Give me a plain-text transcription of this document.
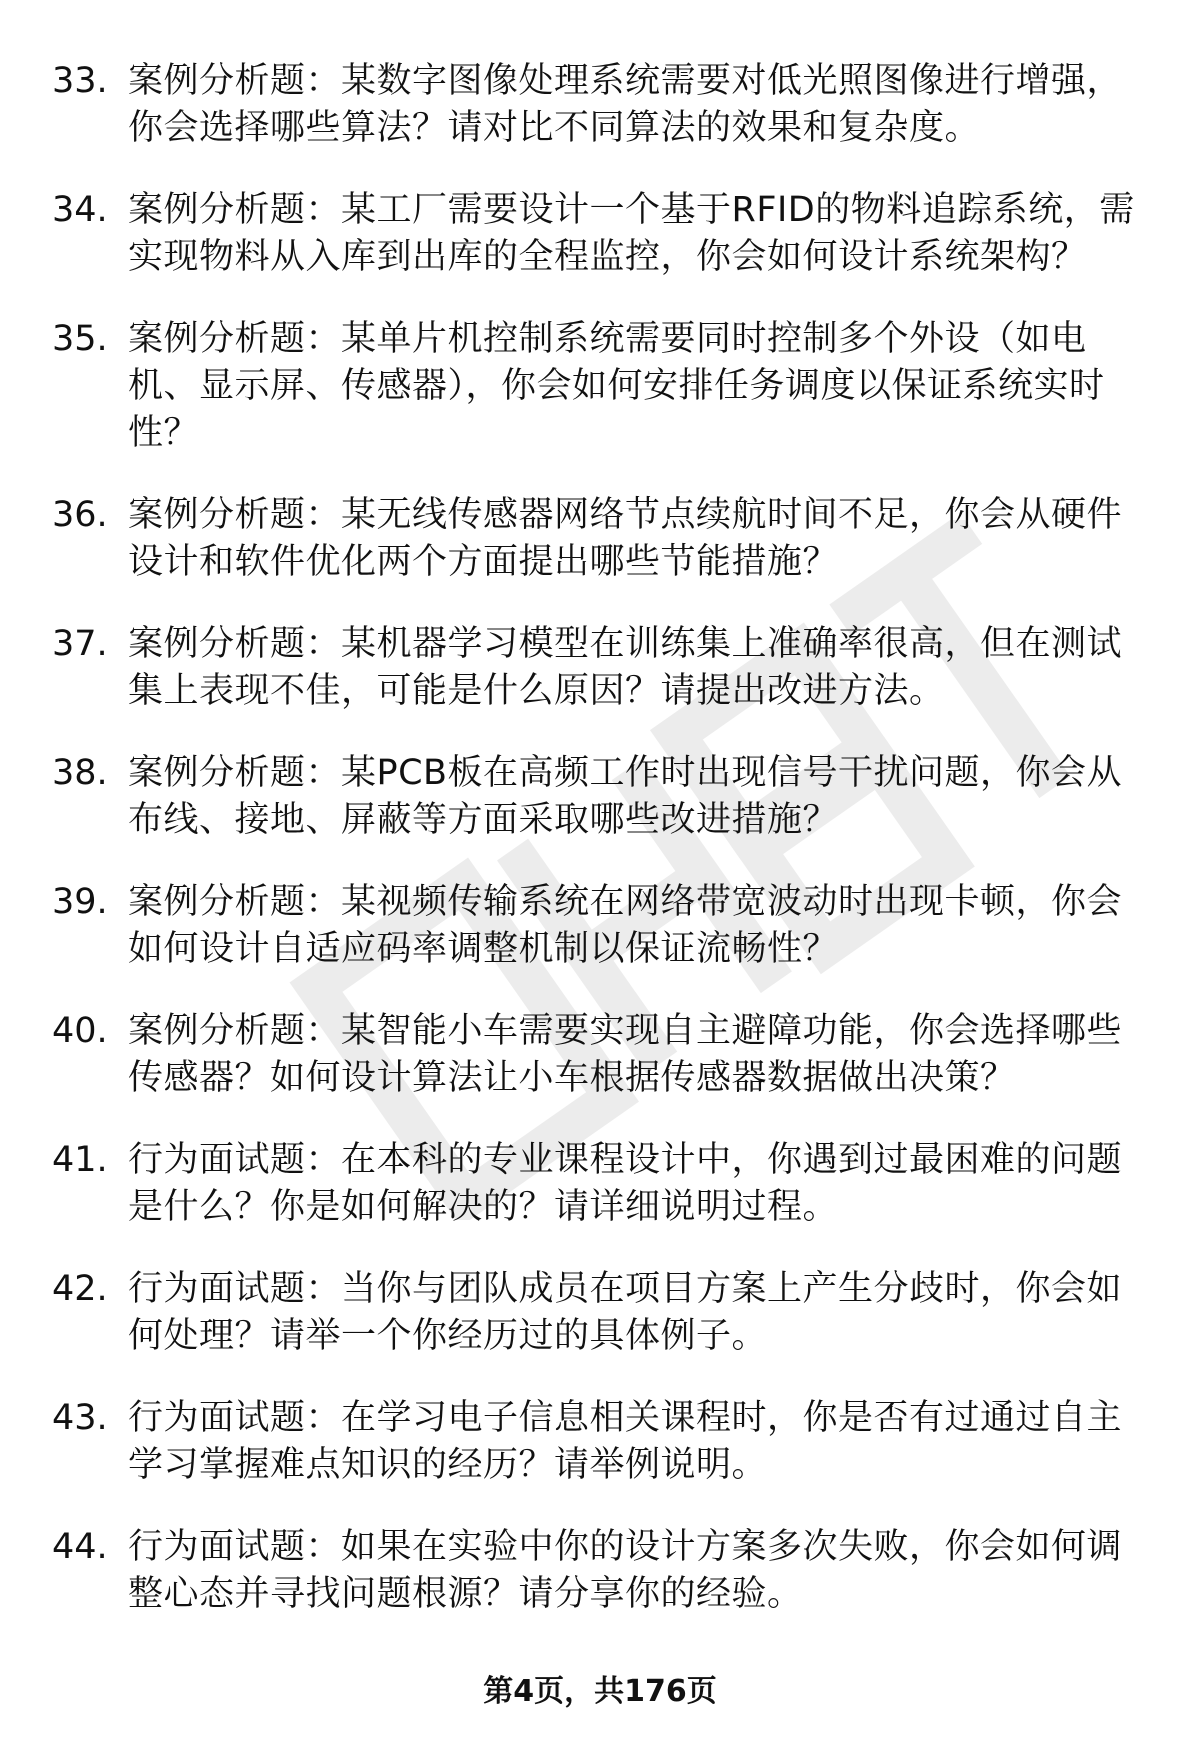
33. 案例分析题：某数字图像处理系统需要对低光照图像进行增强，你会选择哪些算法？请对比不同算法的效果和复杂度。
34. 案例分析题：某工厂需要设计一个基于RFID的物料追踪系统，需实现物料从入库到出库的全程监控，你会如何设计系统架构？
35. 案例分析题：某单片机控制系统需要同时控制多个外设（如电机、显示屏、传感器），你会如何安排任务调度以保证系统实时性？
36. 案例分析题：某无线传感器网络节点续航时间不足，你会从硬件设计和软件优化两个方面提出哪些节能措施？
37. 案例分析题：某机器学习模型在训练集上准确率很高，但在测试集上表现不佳，可能是什么原因？请提出改进方法。
38. 案例分析题：某PCB板在高频工作时出现信号干扰问题，你会从布线、接地、屏蔽等方面采取哪些改进措施？
39. 案例分析题：某视频传输系统在网络带宽波动时出现卡顿，你会如何设计自适应码率调整机制以保证流畅性？
40. 案例分析题：某智能小车需要实现自主避障功能，你会选择哪些传感器？如何设计算法让小车根据传感器数据做出决策？
41. 行为面试题：在本科的专业课程设计中，你遇到过最困难的问题是什么？你是如何解决的？请详细说明过程。
42. 行为面试题：当你与团队成员在项目方案上产生分歧时，你会如何处理？请举一个你经历过的具体例子。
43. 行为面试题：在学习电子信息相关课程时，你是否有过通过自主学习掌握难点知识的经历？请举例说明。
44. 行为面试题：如果在实验中你的设计方案多次失败，你会如何调整心态并寻找问题根源？请分享你的经验。
第4页，共176页
